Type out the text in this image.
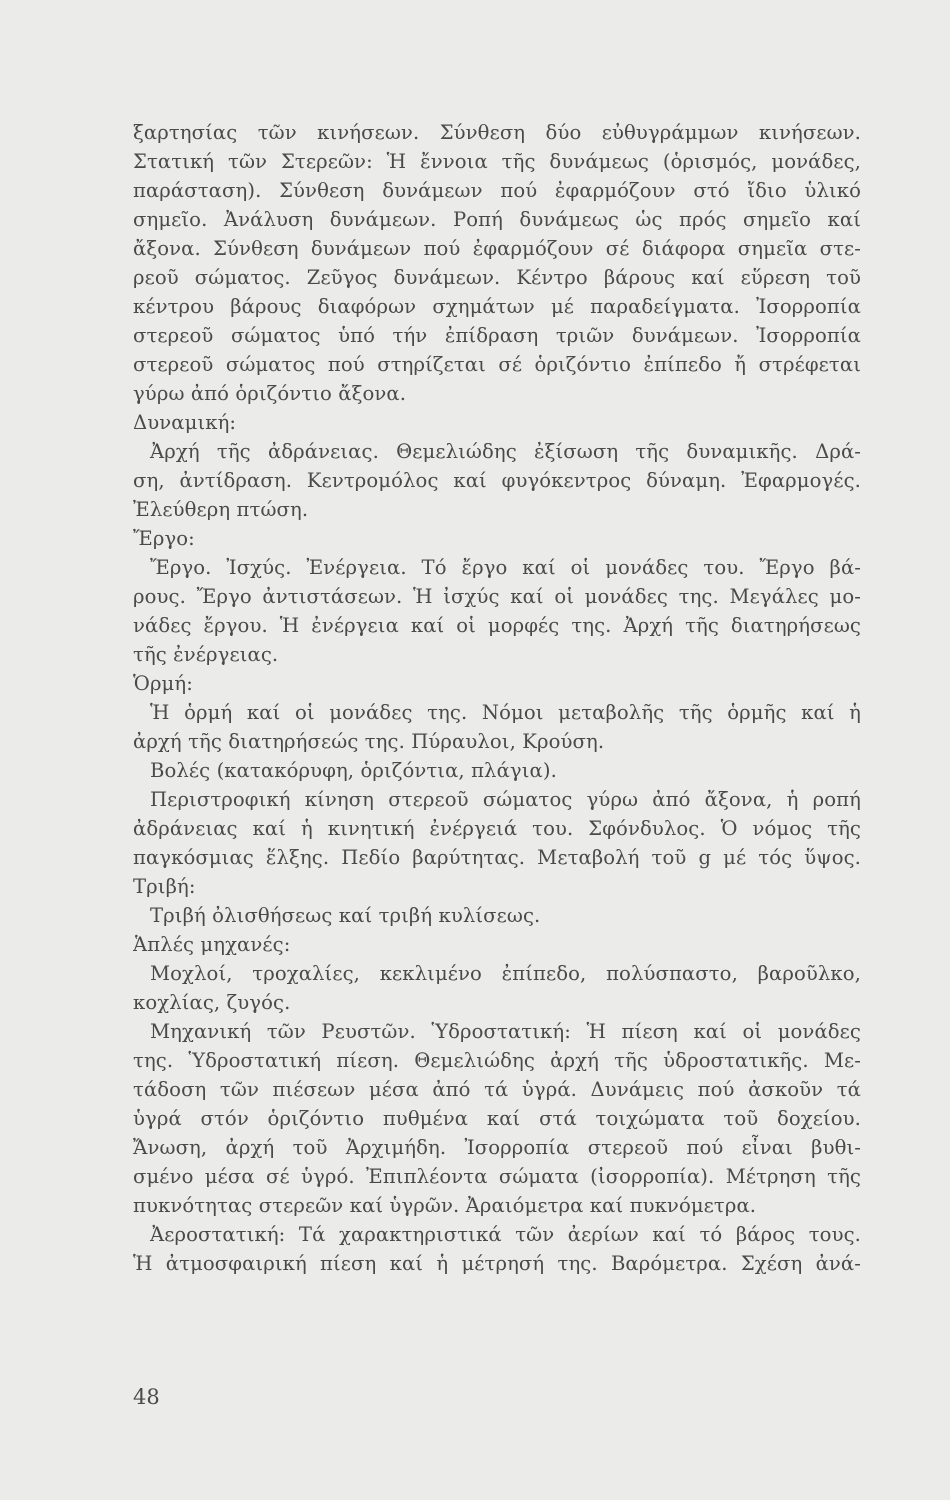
ξαρτησίας τῶν κινήσεων. Σύνθεση δύο εὐθυγράμμων κινήσεων.
Στατική τῶν Στερεῶν: Ἡ ἔννοια τῆς δυνάμεως (ὁρισμός, μονάδες,
παράσταση). Σύνθεση δυνάμεων πού ἐφαρμόζουν στό ἴδιο ὑλικό
σημεῖο. Ἀνάλυση δυνάμεων. Ροπή δυνάμεως ὡς πρός σημεῖο καί
ἄξονα. Σύνθεση δυνάμεων πού ἐφαρμόζουν σέ διάφορα σημεῖα στε-
ρεοῦ σώματος. Ζεῦγος δυνάμεων. Κέντρο βάρους καί εὕρεση τοῦ
κέντρου βάρους διαφόρων σχημάτων μέ παραδείγματα. Ἰσορροπία
στερεοῦ σώματος ὑπό τήν ἐπίδραση τριῶν δυνάμεων. Ἰσορροπία
στερεοῦ σώματος πού στηρίζεται σέ ὁριζόντιο ἐπίπεδο ἤ στρέφεται
γύρω ἀπό ὁριζόντιο ἄξονα.
Δυναμική:
Ἀρχή τῆς ἀδράνειας. Θεμελιώδης ἐξίσωση τῆς δυναμικῆς. Δρά-
ση, ἀντίδραση. Κεντρομόλος καί φυγόκεντρος δύναμη. Ἐφαρμογές.
Ἐλεύθερη πτώση.
Ἔργο:
Ἔργο. Ἰσχύς. Ἐνέργεια. Τό ἔργο καί οἱ μονάδες του. Ἔργο βά-
ρους. Ἔργο ἀντιστάσεων. Ἡ ἰσχύς καί οἱ μονάδες της. Μεγάλες μο-
νάδες ἔργου. Ἡ ἐνέργεια καί οἱ μορφές της. Ἀρχή τῆς διατηρήσεως
τῆς ἐνέργειας.
Ὁρμή:
Ἡ ὁρμή καί οἱ μονάδες της. Νόμοι μεταβολῆς τῆς ὁρμῆς καί ἡ
ἀρχή τῆς διατηρήσεώς της. Πύραυλοι, Κρούση.
Βολές (κατακόρυφη, ὁριζόντια, πλάγια).
Περιστροφική κίνηση στερεοῦ σώματος γύρω ἀπό ἄξονα, ἡ ροπή
ἀδράνειας καί ἡ κινητική ἐνέργειά του. Σφόνδυλος. Ὁ νόμος τῆς
παγκόσμιας ἕλξης. Πεδίο βαρύτητας. Μεταβολή τοῦ g μέ τός ὕψος.
Τριβή:
Τριβή ὀλισθήσεως καί τριβή κυλίσεως.
Ἁπλές μηχανές:
Μοχλοί, τροχαλίες, κεκλιμένο ἐπίπεδο, πολύσπαστο, βαροῦλκο,
κοχλίας, ζυγός.
Μηχανική τῶν Ρευστῶν. Ὑδροστατική: Ἡ πίεση καί οἱ μονάδες
της. Ὑδροστατική πίεση. Θεμελιώδης ἀρχή τῆς ὑδροστατικῆς. Με-
τάδοση τῶν πιέσεων μέσα ἀπό τά ὑγρά. Δυνάμεις πού ἀσκοῦν τά
ὑγρά στόν ὁριζόντιο πυθμένα καί στά τοιχώματα τοῦ δοχείου.
Ἄνωση, ἀρχή τοῦ Ἀρχιμήδη. Ἰσορροπία στερεοῦ πού εἶναι βυθι-
σμένο μέσα σέ ὑγρό. Ἐπιπλέοντα σώματα (ἰσορροπία). Μέτρηση τῆς
πυκνότητας στερεῶν καί ὑγρῶν. Ἀραιόμετρα καί πυκνόμετρα.
Ἀεροστατική: Τά χαρακτηριστικά τῶν ἀερίων καί τό βάρος τους.
Ἡ ἀτμοσφαιρική πίεση καί ἡ μέτρησή της. Βαρόμετρα. Σχέση ἀνά-
48
